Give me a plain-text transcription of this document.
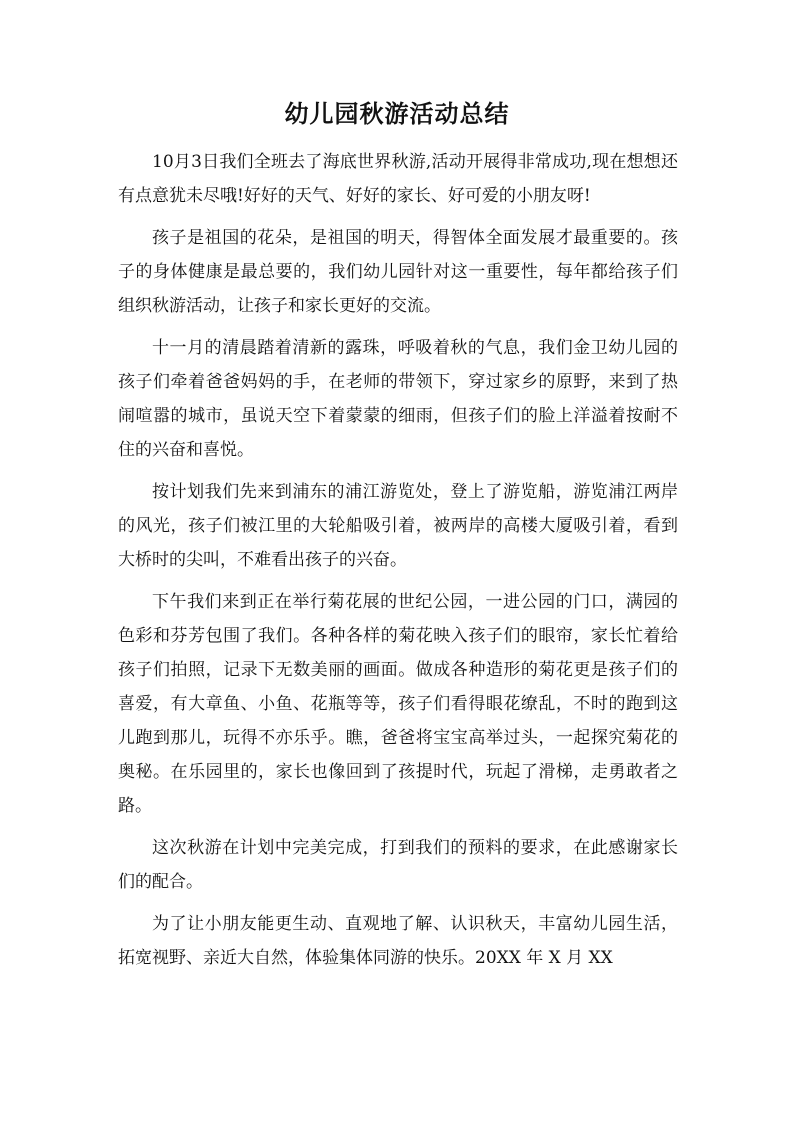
幼儿园秋游活动总结

10月3日我们全班去了海底世界秋游,活动开展得非常成功,现在想想还有点意犹未尽哦!好好的天气、好好的家长、好可爱的小朋友呀!

孩子是祖国的花朵，是祖国的明天，得智体全面发展才最重要的。孩子的身体健康是最总要的，我们幼儿园针对这一重要性，每年都给孩子们组织秋游活动，让孩子和家长更好的交流。

十一月的清晨踏着清新的露珠，呼吸着秋的气息，我们金卫幼儿园的孩子们牵着爸爸妈妈的手，在老师的带领下，穿过家乡的原野，来到了热闹喧嚣的城市，虽说天空下着蒙蒙的细雨，但孩子们的脸上洋溢着按耐不住的兴奋和喜悦。

按计划我们先来到浦东的浦江游览处，登上了游览船，游览浦江两岸的风光，孩子们被江里的大轮船吸引着，被两岸的高楼大厦吸引着，看到大桥时的尖叫，不难看出孩子的兴奋。

下午我们来到正在举行菊花展的世纪公园，一进公园的门口，满园的色彩和芬芳包围了我们。各种各样的菊花映入孩子们的眼帘，家长忙着给孩子们拍照，记录下无数美丽的画面。做成各种造形的菊花更是孩子们的喜爱，有大章鱼、小鱼、花瓶等等，孩子们看得眼花缭乱，不时的跑到这儿跑到那儿，玩得不亦乐乎。瞧，爸爸将宝宝高举过头，一起探究菊花的奥秘。在乐园里的，家长也像回到了孩提时代，玩起了滑梯，走勇敢者之路。

这次秋游在计划中完美完成，打到我们的预料的要求，在此感谢家长们的配合。

为了让小朋友能更生动、直观地了解、认识秋天，丰富幼儿园生活，拓宽视野、亲近大自然，体验集体同游的快乐。20XX 年 X 月 XX
